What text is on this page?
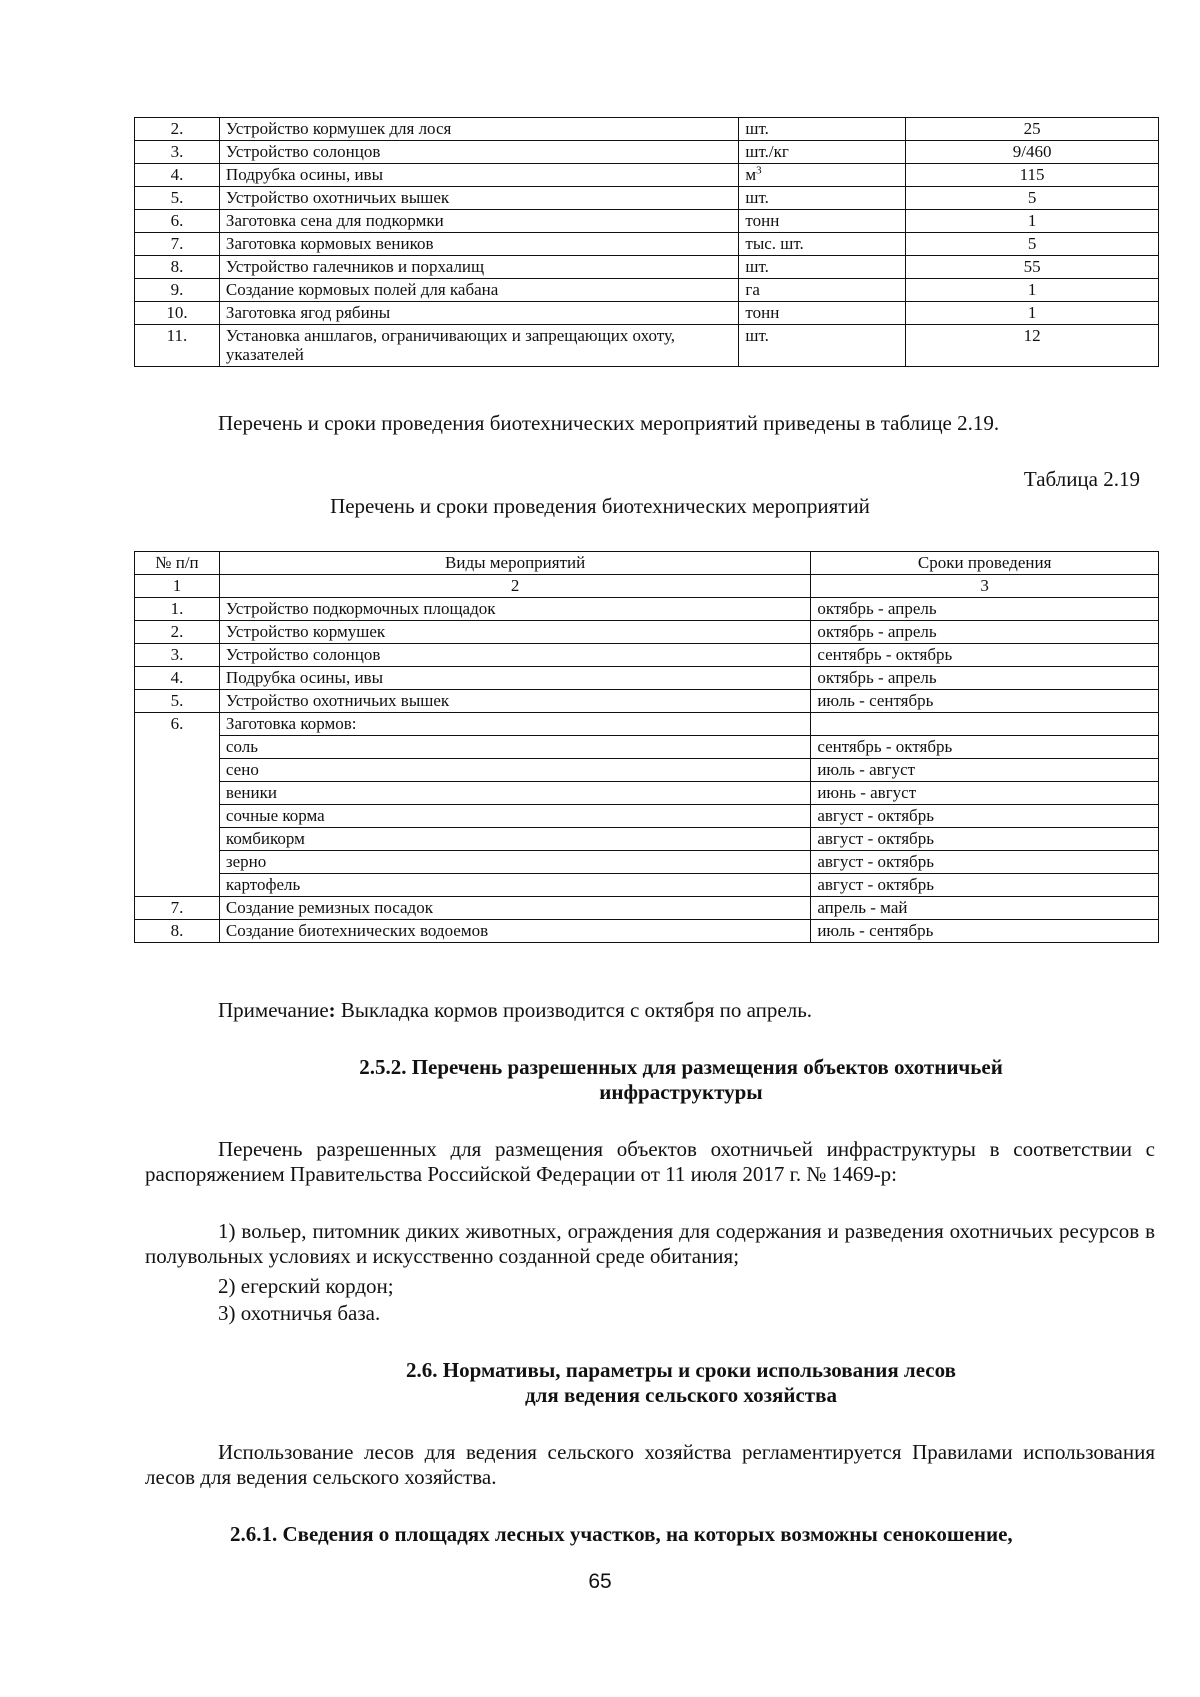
2.	Устройство кормушек для лося	шт.	25
3.	Устройство солонцов	шт./кг	9/460
4.	Подрубка осины, ивы	$м^3$	115
5.	Устройство охотничьих вышек	шт.	5
6.	Заготовка сена для подкормки	тонн	1
7.	Заготовка кормовых веников	тыс. шт.	5
8.	Устройство галечников и порхалищ	шт.	55
9.	Создание кормовых полей для кабана	га	1
10.	Заготовка ягод рябины	тонн	1
11.	Установка аншлагов, ограничивающих и запрещающих охоту, указателей	шт.	12
Перечень и сроки проведения биотехнических мероприятий приведены в таблице 2.19.
Таблица 2.19
Перечень и сроки проведения биотехнических мероприятий
№ п/п	Виды мероприятий	Сроки проведения
1	2	3
1.	Устройство подкормочных площадок	октябрь - апрель
2.	Устройство кормушек	октябрь - апрель
3.	Устройство солонцов	сентябрь - октябрь
4.	Подрубка осины, ивы	октябрь - апрель
5.	Устройство охотничьих вышек	июль - сентябрь
6.	Заготовка кормов:	
	соль	сентябрь - октябрь
	сено	июль - август
	веники	июнь - август
	сочные корма	август - октябрь
	комбикорм	август - октябрь
	зерно	август - октябрь
	картофель	август - октябрь
7.	Создание ремизных посадок	апрель - май
8.	Создание биотехнических водоемов	июль - сентябрь
Примечание: Выкладка кормов производится с октября по апрель.
2.5.2. Перечень разрешенных для размещения объектов охотничьей
инфраструктуры
Перечень разрешенных для размещения объектов охотничьей инфраструктуры в соответствии с распоряжением Правительства Российской Федерации от 11 июля 2017 г. № 1469-р:
1) вольер, питомник диких животных, ограждения для содержания и разведения охотничьих ресурсов в полувольных условиях и искусственно созданной среде обитания;
2) егерский кордон;
3) охотничья база.
2.6. Нормативы, параметры и сроки использования лесов
для ведения сельского хозяйства
Использование лесов для ведения сельского хозяйства регламентируется Правилами использования лесов для ведения сельского хозяйства.
2.6.1. Сведения о площадях лесных участков, на которых возможны сенокошение,
65
